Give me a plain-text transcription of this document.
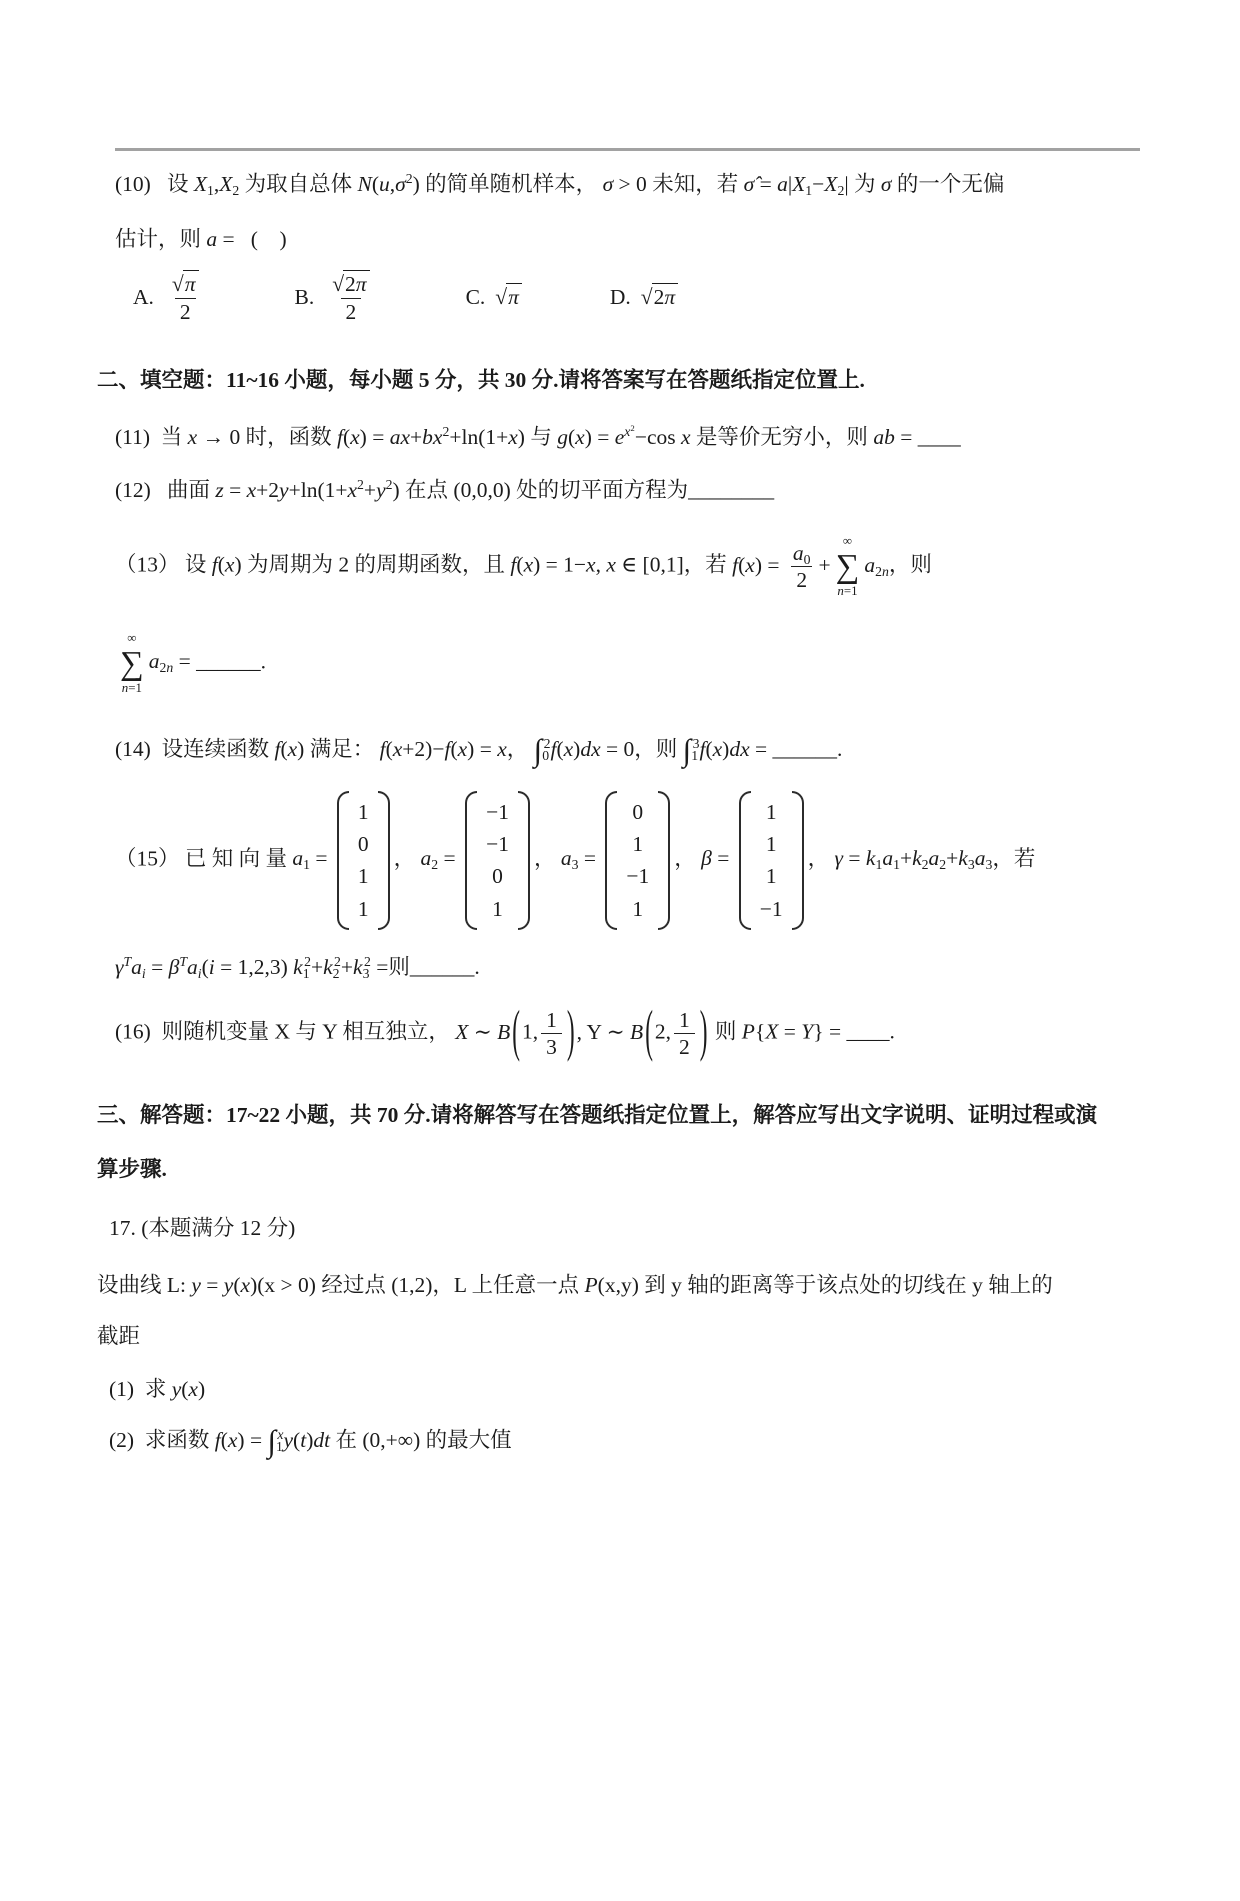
(10)   设 $X_1,X_2$ 为取自总体 $N(u,\sigma^2)$ 的简单随机样本， σ > 0 未知，若 σ̂ = $a|X_1-X_2|$ 为 σ 的一个无偏
估计，则 a =   (    )
A. $\frac{√\pi}{2}$	B. $\frac{√2\pi}{2}$	C. √π	D. √2π
二、填空题：11~16 小题，每小题 5 分，共 30 分.请将答案写在答题纸指定位置上.
(11)  当 x → 0 时，函数 $f(x) = ax+bx^2+\ln(1+x)$ 与 $g(x) = e^{x^2}-\cos$ x 是等价无穷小，则 ab = ____
(12)   曲面 $z = x+2y+\ln(1+x^2+y^2)$ 在点 (0,0,0) 处的切平面方程为________
（13） 设 f(x) 为周期为 2 的周期函数，且 f(x) = 1−x, x ∈ [0,1]，若 $f(x) = \frac{a_0}{2}$ +
∞
∑
n=1
$a_{2n}$，则
∞
∑
n=1
$a_{2n}$ = ______.
(14)  设连续函数 f(x) 满足： f(x+2)−f(x) = x， $\int_0^2f(x)dx = 0$，则 $\int_1^3f(x)dx$ = ______.
（15） 已 知 向 量 $a_1$ =
1
0
1
1
， $a_2$ =
−1
−1
0
1
， $a_3$ =
0
1
−1
1
， β =
1
1
1
−1
， $\gamma = k_1a_1+k_2a_2+k_3a_3$，若
$\gamma^Ta_i = \beta^Ta_i(i = 1,2,3) k_1^2+k_2^2+k_3^2$ =则______.
(16)  则随机变量 X 与 Y 相互独立， X ∼ B ( 1, $\frac{1}{3}$ ) , Y ∼ B ( 2, $\frac{1}{2}$ ) 则 P{X = Y} = ____.
三、解答题：17~22 小题，共 70 分.请将解答写在答题纸指定位置上，解答应写出文字说明、证明过程或演
算步骤.
17. (本题满分 12 分)
设曲线 L: y = y(x)(x > 0) 经过点 (1,2)，L 上任意一点 P(x,y) 到 y 轴的距离等于该点处的切线在 y 轴上的
截距
(1)  求 y(x)
(2)  求函数 $f(x) = \int_1^xy(t)dt$ 在 (0,+∞) 的最大值
